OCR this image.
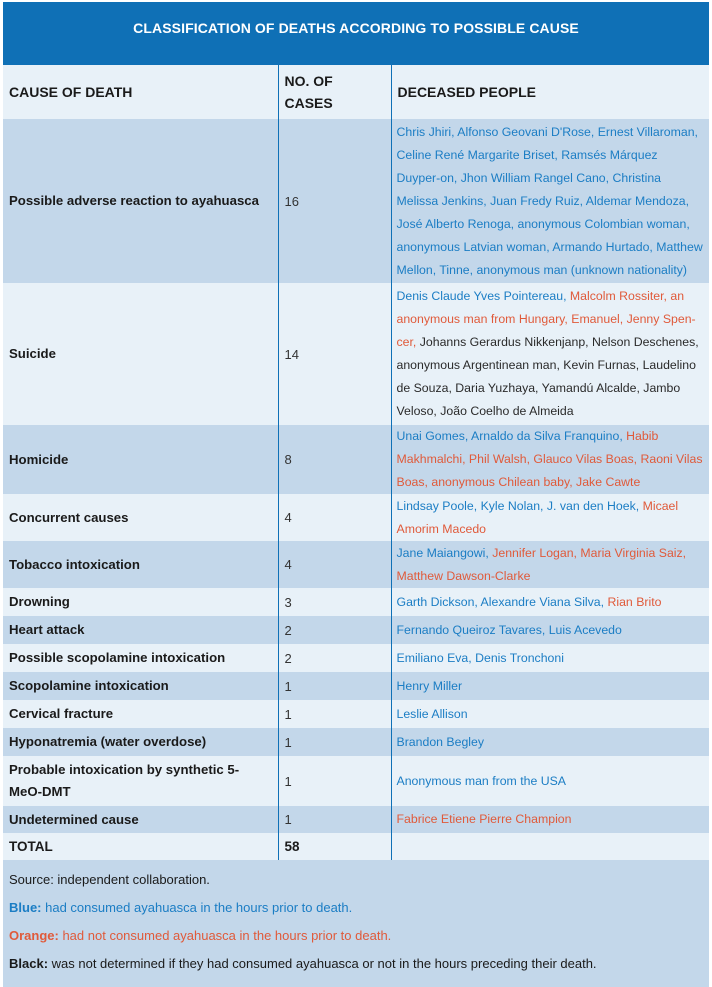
CLASSIFICATION OF DEATHS ACCORDING TO POSSIBLE CAUSE
CAUSE OF DEATH	NO. OF CASES	DECEASED PEOPLE
Possible adverse reaction to ayahuasca	16	Chris Jhiri, Alfonso Geovani D'Rose, Ernest Villaroman, Celine René Margarite Briset, Ramsés Márquez Duyper-on, Jhon William Rangel Cano, Christina Melissa Jenkins, Juan Fredy Ruiz, Aldemar Mendoza, José Alberto Renoga, anonymous Colombian woman, anonymous Latvian woman, Armando Hurtado, Matthew Mellon, Tinne, anonymous man (unknown nationality)
Suicide	14	Denis Claude Yves Pointereau, Malcolm Rossiter, an anonymous man from Hungary, Emanuel, Jenny Spen-cer, Johanns Gerardus Nikkenjanp, Nelson Deschenes, anonymous Argentinean man, Kevin Furnas, Laudelino de Souza, Daria Yuzhaya, Yamandú Alcalde, Jambo Veloso, João Coelho de Almeida
Homicide	8	Unai Gomes, Arnaldo da Silva Franquino, Habib Makhmalchi, Phil Walsh, Glauco Vilas Boas, Raoni Vilas Boas, anonymous Chilean baby, Jake Cawte
Concurrent causes	4	Lindsay Poole, Kyle Nolan, J. van den Hoek, Micael Amorim Macedo
Tobacco intoxication	4	Jane Maiangowi, Jennifer Logan, Maria Virginia Saiz, Matthew Dawson-Clarke
Drowning	3	Garth Dickson, Alexandre Viana Silva, Rian Brito
Heart attack	2	Fernando Queiroz Tavares, Luis Acevedo
Possible scopolamine intoxication	2	Emiliano Eva, Denis Tronchoni
Scopolamine intoxication	1	Henry Miller
Cervical fracture	1	Leslie Allison
Hyponatremia (water overdose)	1	Brandon Begley
Probable intoxication by synthetic 5-MeO-DMT	1	Anonymous man from the USA
Undetermined cause	1	Fabrice Etiene Pierre Champion
TOTAL	58	
Source: independent collaboration.
Blue: had consumed ayahuasca in the hours prior to death.
Orange: had not consumed ayahuasca in the hours prior to death.
Black: was not determined if they had consumed ayahuasca or not in the hours preceding their death.
